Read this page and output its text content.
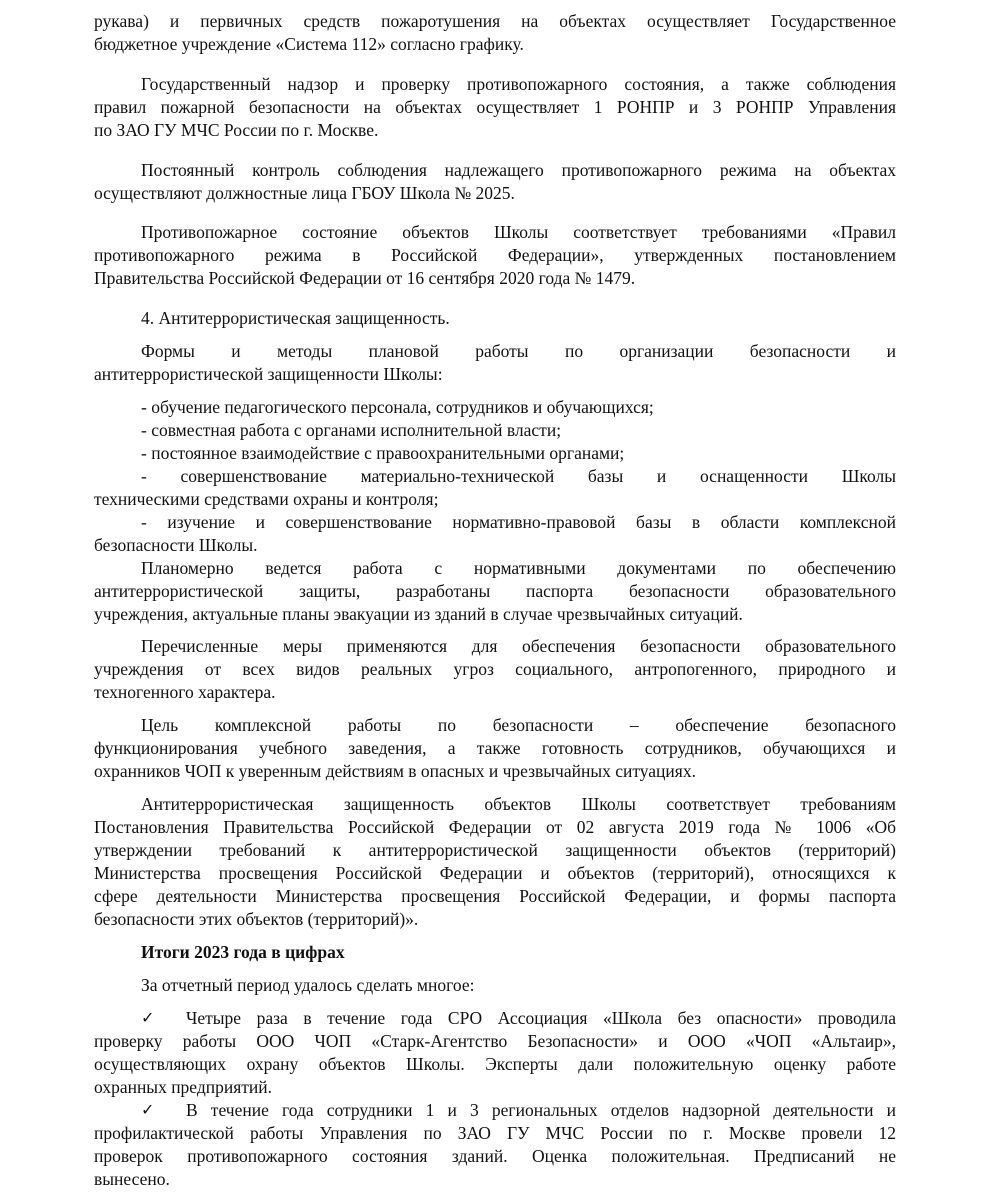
рукава) и первичных средств пожаротушения на объектах осуществляет Государственное
бюджетное учреждение «Система 112» согласно графику.
Государственный надзор и проверку противопожарного состояния, а также соблюдения
правил пожарной безопасности на объектах осуществляет 1 РОНПР и 3 РОНПР Управления
по ЗАО ГУ МЧС России по г. Москве.
Постоянный контроль соблюдения надлежащего противопожарного режима на объектах
осуществляют должностные лица ГБОУ Школа № 2025.
Противопожарное состояние объектов Школы соответствует требованиями «Правил
противопожарного режима в Российской Федерации», утвержденных постановлением
Правительства Российской Федерации от 16 сентября 2020 года № 1479.
4. Антитеррористическая защищенность.
Формы и методы плановой работы по организации безопасности и
антитеррористической защищенности Школы:
- обучение педагогического персонала, сотрудников и обучающихся;
- совместная работа с органами исполнительной власти;
- постоянное взаимодействие с правоохранительными органами;
- совершенствование материально-технической базы и оснащенности Школы
техническими средствами охраны и контроля;
- изучение и совершенствование нормативно-правовой базы в области комплексной
безопасности Школы.
Планомерно ведется работа с нормативными документами по обеспечению
антитеррористической защиты, разработаны паспорта безопасности образовательного
учреждения, актуальные планы эвакуации из зданий в случае чрезвычайных ситуаций.
Перечисленные меры применяются для обеспечения безопасности образовательного
учреждения от всех видов реальных угроз социального, антропогенного, природного и
техногенного характера.
Цель комплексной работы по безопасности – обеспечение безопасного
функционирования учебного заведения, а также готовность сотрудников, обучающихся и
охранников ЧОП к уверенным действиям в опасных и чрезвычайных ситуациях.
Антитеррористическая защищенность объектов Школы соответствует требованиям
Постановления Правительства Российской Федерации от 02 августа 2019 года № 1006 «Об
утверждении требований к антитеррористической защищенности объектов (территорий)
Министерства просвещения Российской Федерации и объектов (территорий), относящихся к
сфере деятельности Министерства просвещения Российской Федерации, и формы паспорта
безопасности этих объектов (территорий)».
Итоги 2023 года в цифрах
За отчетный период удалось сделать многое:
✓	Четыре раза в течение года СРО Ассоциация «Школа без опасности» проводила
проверку работы ООО ЧОП «Старк-Агентство Безопасности» и ООО «ЧОП «Альтаир»,
осуществляющих охрану объектов Школы. Эксперты дали положительную оценку работе
охранных предприятий.
✓	В течение года сотрудники 1 и 3 региональных отделов надзорной деятельности и
профилактической работы Управления по ЗАО ГУ МЧС России по г. Москве провели 12
проверок противопожарного состояния зданий. Оценка положительная. Предписаний не
вынесено.
